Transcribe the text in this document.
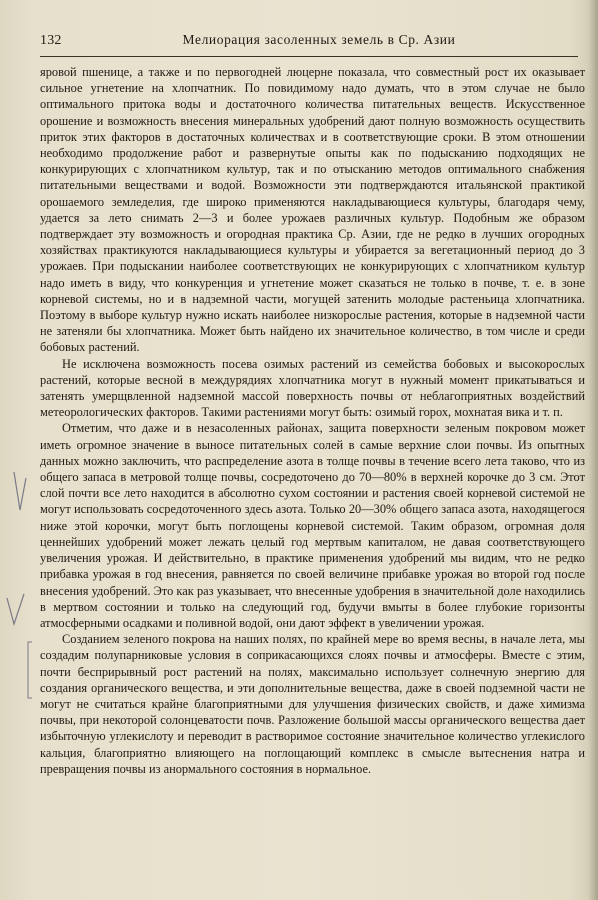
132	Мелиорация засоленных земель в Ср. Азии

яровой пшенице, а также и по первогодней люцерне показала, что совместный рост их оказывает сильное угнетение на хлопчатник. По повидимому надо думать, что в этом случае не было оптимального притока воды и достаточного количества питательных веществ. Искусственное орошение и возможность внесения минеральных удобрений дают полную возможность осуществить приток этих факторов в достаточных количествах и в соответствующие сроки. В этом отношении необходимо продолжение работ и развернутые опыты как по подысканию подходящих не конкурирующих с хлопчатником культур, так и по отысканию методов оптимального снабжения питательными веществами и водой. Возможности эти подтверждаются итальянской практикой орошаемого земледелия, где широко применяются накладывающиеся культуры, благодаря чему, удается за лето снимать 2—3 и более урожаев различных культур. Подобным же образом подтверждает эту возможность и огородная практика Ср. Азии, где не редко в лучших огородных хозяйствах практикуются накладывающиеся культуры и убирается за вегетационный период до 3 урожаев. При подыскании наиболее соответствующих не конкурирующих с хлопчатником культур надо иметь в виду, что конкуренция и угнетение может сказаться не только в почве, т. е. в зоне корневой системы, но и в надземной части, могущей затенить молодые растеньица хлопчатника. Поэтому в выборе культур нужно искать наиболее низкорослые растения, которые в надземной части не затеняли бы хлопчатника. Может быть найдено их значительное количество, в том числе и среди бобовых растений.

Не исключена возможность посева озимых растений из семейства бобовых и высокорослых растений, которые весной в междурядиях хлопчатника могут в нужный момент прикатываться и затенять умерщвленной надземной массой поверхность почвы от неблагоприятных воздействий метеорологических факторов. Такими растениями могут быть: озимый горох, мохнатая вика и т. п.

Отметим, что даже и в незасоленных районах, защита поверхности зеленым покровом может иметь огромное значение в выносе питательных солей в самые верхние слои почвы. Из опытных данных можно заключить, что распределение азота в толще почвы в течение всего лета таково, что из общего запаса в метровой толще почвы, сосредоточено до 70—80% в верхней корочке до 3 см. Этот слой почти все лето находится в абсолютно сухом состоянии и растения своей корневой системой не могут использовать сосредоточенного здесь азота. Только 20—30% общего запаса азота, находящегося ниже этой корочки, могут быть поглощены корневой системой. Таким образом, огромная доля ценнейших удобрений может лежать целый год мертвым капиталом, не давая соответствующего увеличения урожая. И действительно, в практике применения удобрений мы видим, что не редко прибавка урожая в год внесения, равняется по своей величине прибавке урожая во второй год после внесения удобрений. Это как раз указывает, что внесенные удобрения в значительной доле находились в мертвом состоянии и только на следующий год, будучи вмыты в более глубокие горизонты атмосферными осадками и поливной водой, они дают эффект в увеличении урожая.

Созданием зеленого покрова на наших полях, по крайней мере во время весны, в начале лета, мы создадим полупарниковые условия в соприкасающихся слоях почвы и атмосферы. Вместе с этим, почти бесприрывный рост растений на полях, максимально использует солнечную энергию для создания органического вещества, и эти дополнительные вещества, даже в своей подземной части не могут не считаться крайне благоприятными для улучшения физических свойств, и даже химизма почвы, при некоторой солонцеватости почв. Разложение большой массы органического вещества дает избыточную углекислоту и переводит в растворимое состояние значительное количество углекислого кальция, благоприятно влияющего на поглощающий комплекс в смысле вытеснения натра и превращения почвы из анормального состояния в нормальное.
